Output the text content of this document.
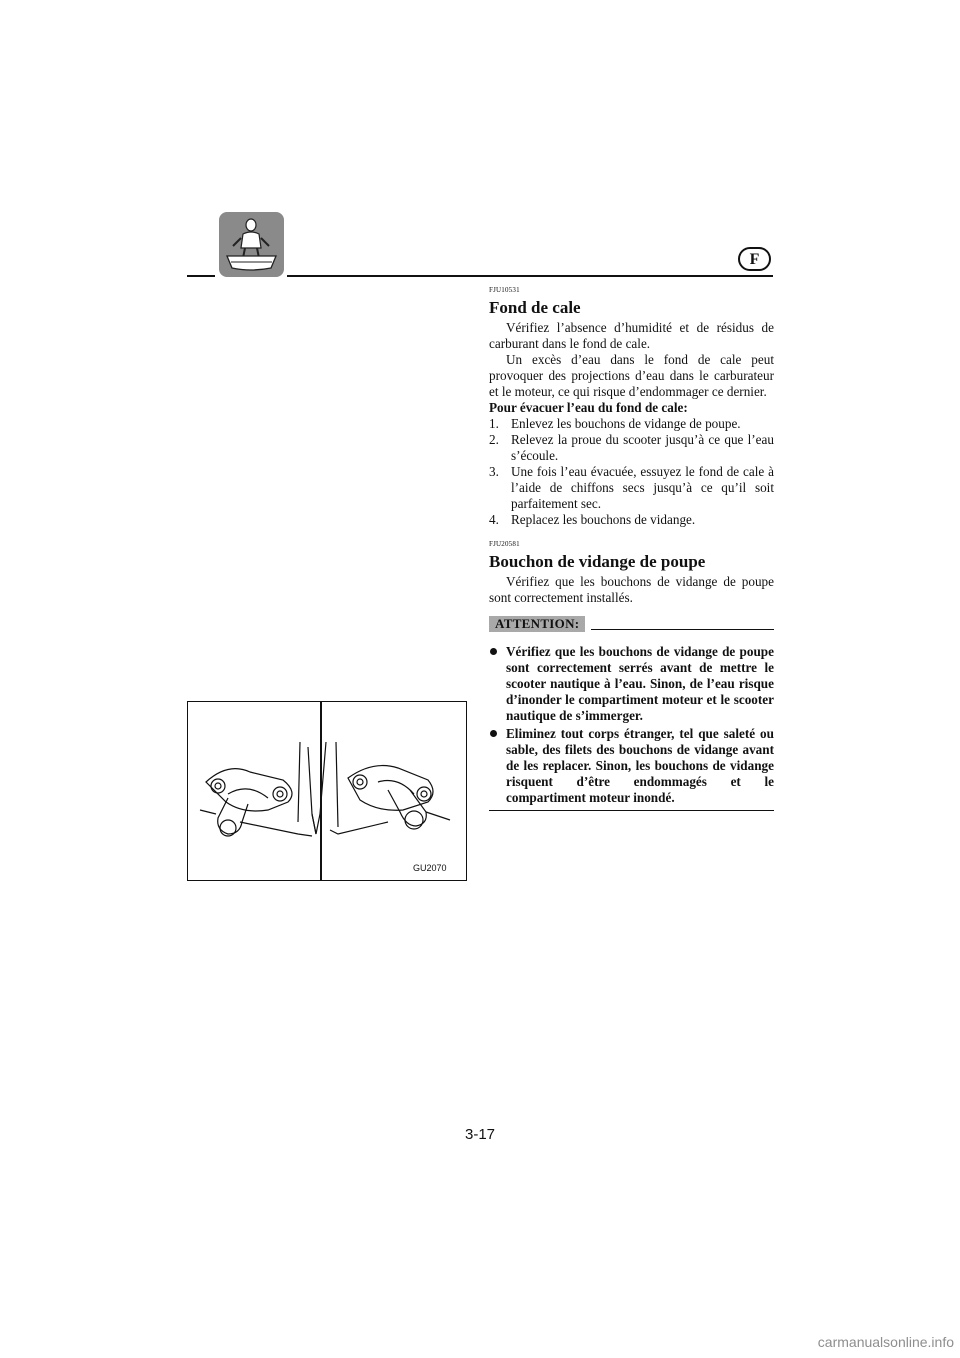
F

FJU10531

Fond de cale

Vérifiez l’absence d’humidité et de résidus de carburant dans le fond de cale.

Un excès d’eau dans le fond de cale peut provoquer des projections d’eau dans le carburateur et le moteur, ce qui risque d’endommager ce dernier.

Pour évacuer l’eau du fond de cale:

1. Enlevez les bouchons de vidange de poupe.
2. Relevez la proue du scooter jusqu’à ce que l’eau s’écoule.
3. Une fois l’eau évacuée, essuyez le fond de cale à l’aide de chiffons secs jusqu’à ce qu’il soit parfaitement sec.
4. Replacez les bouchons de vidange.

FJU20581

Bouchon de vidange de poupe

Vérifiez que les bouchons de vidange de poupe sont correctement installés.

ATTENTION:
Vérifiez que les bouchons de vidange de poupe sont correctement serrés avant de mettre le scooter nautique à l’eau. Sinon, de l’eau risque d’inonder le compartiment moteur et le scooter nautique de s’immerger.
Eliminez tout corps étranger, tel que saleté ou sable, des filets des bouchons de vidange avant de les replacer. Sinon, les bouchons de vidange risquent d’être endommagés et le compartiment moteur inondé.
GU2070
3-17
carmanualsonline.info
